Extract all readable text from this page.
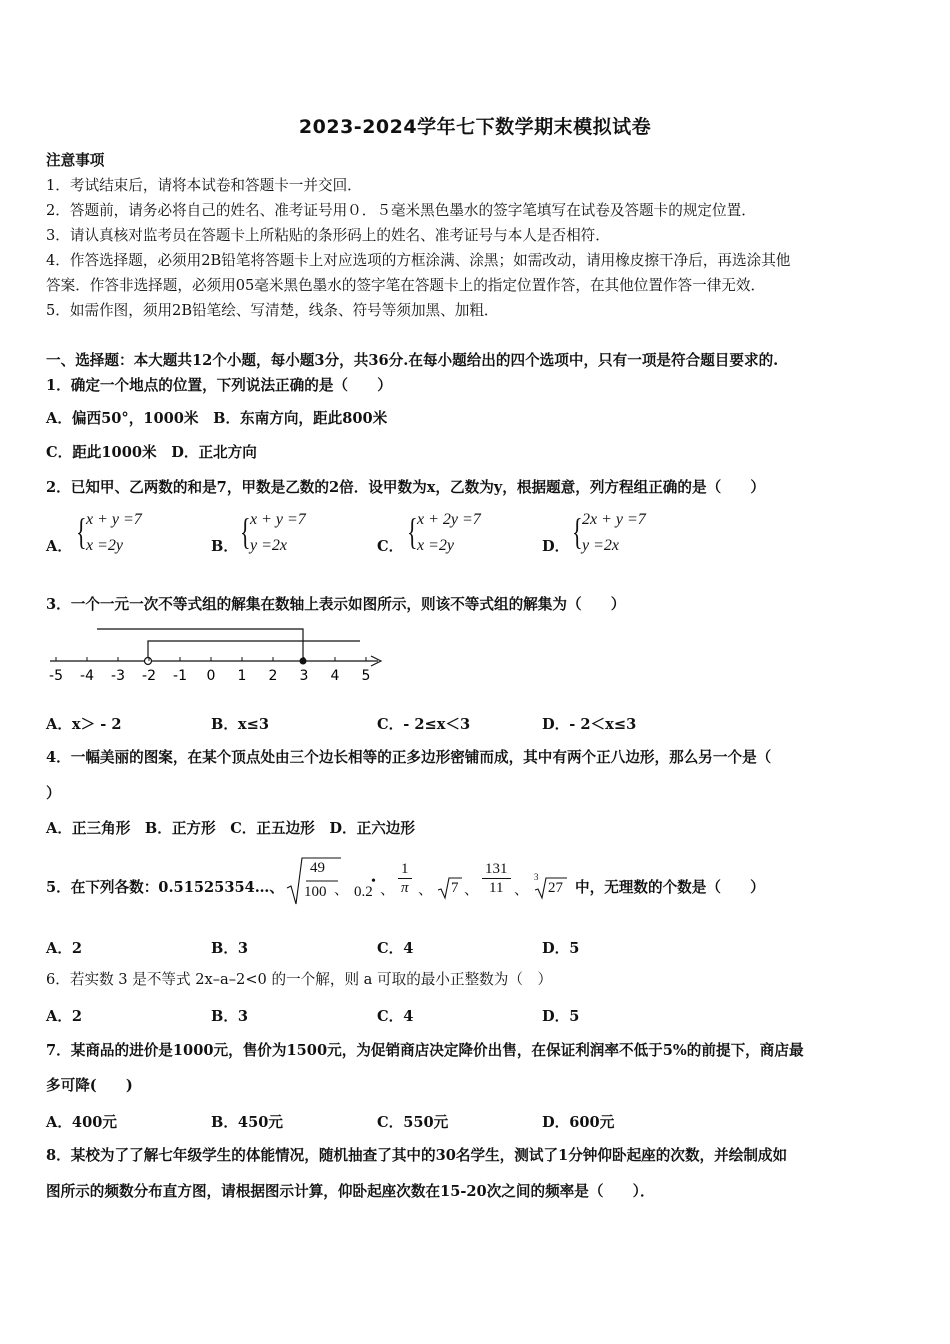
2023-2024学年七下数学期末模拟试卷
注意事项
1．考试结束后，请将本试卷和答题卡一并交回．
2．答题前，请务必将自己的姓名、准考证号用０．５毫米黑色墨水的签字笔填写在试卷及答题卡的规定位置．
3．请认真核对监考员在答题卡上所粘贴的条形码上的姓名、准考证号与本人是否相符．
4．作答选择题，必须用2B铅笔将答题卡上对应选项的方框涂满、涂黑；如需改动，请用橡皮擦干净后，再选涂其他
答案．作答非选择题，必须用05毫米黑色墨水的签字笔在答题卡上的指定位置作答，在其他位置作答一律无效．
5．如需作图，须用2B铅笔绘、写清楚，线条、符号等须加黑、加粗．
一、选择题：本大题共12个小题，每小题3分，共36分.在每小题给出的四个选项中，只有一项是符合题目要求的.
1．确定一个地点的位置，下列说法正确的是（　　）
A．偏西50°，1000米　B．东南方向，距此800米
C．距此1000米　D．正北方向
2．已知甲、乙两数的和是7，甲数是乙数的2倍．设甲数为x，乙数为y，根据题意，列方程组正确的是（　　）
A． { x + y =7
x =2y	B． { x + y =7
y =2x	C． { x + 2y =7
x =2y	D． { 2x + y =7
y =2x
3．一个一元一次不等式组的解集在数轴上表示如图所示，则该不等式组的解集为（　　）
-5 -4 -3 -2 -1 0 1 2 3 4 5
A．x＞ - 2	B．x≤3	C．- 2≤x＜3	D．- 2＜x≤3
4．一幅美丽的图案，在某个顶点处由三个边长相等的正多边形密铺而成，其中有两个正八边形，那么另一个是（
）
A．正三角形　B．正方形　C．正五边形　D．正六边形
5．在下列各数：0.51525354…、
49
100 、 0.2
• 、 $\frac{1}{\pi}$ 、 7 、 $\frac{131}{11}$ 、
3
27 中，无理数的个数是（　　）
A．2	B．3	C．4	D．5
6．若实数 3 是不等式 2x–a–2<0 的一个解，则 a 可取的最小正整数为（　）
A．2	B．3	C．4	D．5
7．某商品的进价是1000元，售价为1500元，为促销商店决定降价出售，在保证利润率不低于5%的前提下，商店最
多可降(　　)
A．400元	B．450元	C．550元	D．600元
8．某校为了了解七年级学生的体能情况，随机抽查了其中的30名学生，测试了1分钟仰卧起座的次数，并绘制成如
图所示的频数分布直方图，请根据图示计算，仰卧起座次数在15-20次之间的频率是（　　）．
